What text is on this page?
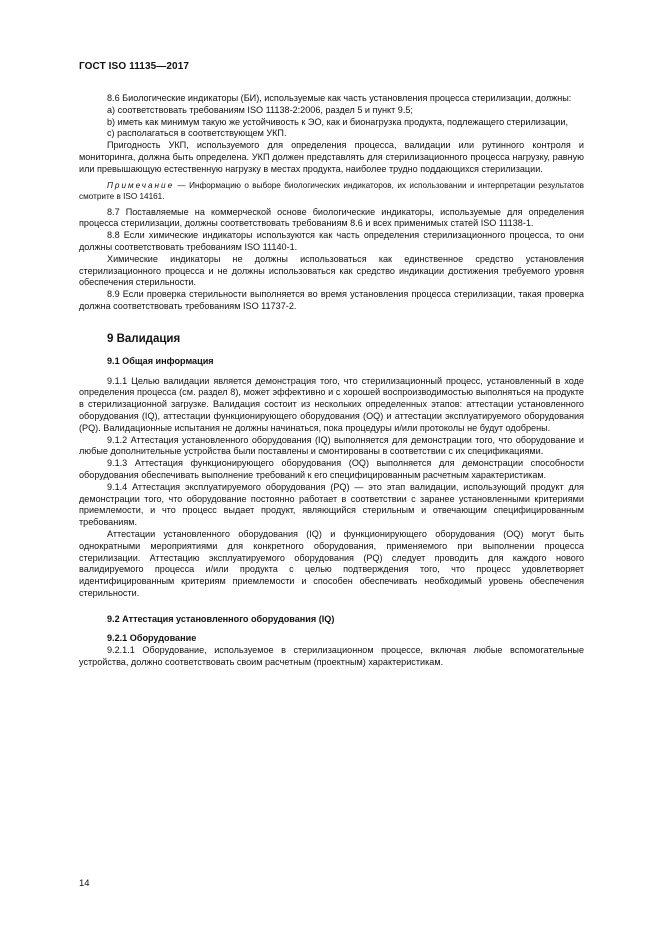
ГОСТ ISO 11135—2017

8.6 Биологические индикаторы (БИ), используемые как часть установления процесса стерилизации, должны:

a) соответствовать требованиям ISO 11138-2:2006, раздел 5 и пункт 9.5;

b) иметь как минимум такую же устойчивость к ЭО, как и бионагрузка продукта, подлежащего стерилизации,

c) располагаться в соответствующем УКП.

Пригодность УКП, используемого для определения процесса, валидации или рутинного контроля и мониторинга, должна быть определена. УКП должен представлять для стерилизационного процесса нагрузку, равную или превышающую естественную нагрузку в местах продукта, наиболее трудно поддающихся стерилизации.

Примечание — Информацию о выборе биологических индикаторов, их использовании и интерпретации результатов смотрите в ISO 14161.

8.7 Поставляемые на коммерческой основе биологические индикаторы, используемые для определения процесса стерилизации, должны соответствовать требованиям 8.6 и всех применимых статей ISO 11138-1.

8.8 Если химические индикаторы используются как часть определения стерилизационного процесса, то они должны соответствовать требованиям ISO 11140-1.

Химические индикаторы не должны использоваться как единственное средство установления стерилизационного процесса и не должны использоваться как средство индикации достижения требуемого уровня обеспечения стерильности.

8.9 Если проверка стерильности выполняется во время установления процесса стерилизации, такая проверка должна соответствовать требованиям ISO 11737-2.

9 Валидация

9.1 Общая информация

9.1.1 Целью валидации является демонстрация того, что стерилизационный процесс, установленный в ходе определения процесса (см. раздел 8), может эффективно и с хорошей воспроизводимостью выполняться на продукте в стерилизационной загрузке. Валидация состоит из нескольких определенных этапов: аттестации установленного оборудования (IQ), аттестации функционирующего оборудования (OQ) и аттестации эксплуатируемого оборудования (PQ). Валидационные испытания не должны начинаться, пока процедуры и/или протоколы не будут одобрены.

9.1.2 Аттестация установленного оборудования (IQ) выполняется для демонстрации того, что оборудование и любые дополнительные устройства были поставлены и смонтированы в соответствии с их спецификациями.

9.1.3 Аттестация функционирующего оборудования (OQ) выполняется для демонстрации способности оборудования обеспечивать выполнение требований к его специфицированным расчетным характеристикам.

9.1.4 Аттестация эксплуатируемого оборудования (PQ) — это этап валидации, использующий продукт для демонстрации того, что оборудование постоянно работает в соответствии с заранее установленными критериями приемлемости, и что процесс выдает продукт, являющийся стерильным и отвечающим специфицированным требованиям.

Аттестации установленного оборудования (IQ) и функционирующего оборудования (OQ) могут быть однократными мероприятиями для конкретного оборудования, применяемого при выполнении процесса стерилизации. Аттестацию эксплуатируемого оборудования (PQ) следует проводить для каждого нового валидируемого процесса и/или продукта с целью подтверждения того, что процесс удовлетворяет идентифицированным критериям приемлемости и способен обеспечивать необходимый уровень обеспечения стерильности.

9.2 Аттестация установленного оборудования (IQ)

9.2.1 Оборудование

9.2.1.1 Оборудование, используемое в стерилизационном процессе, включая любые вспомогательные устройства, должно соответствовать своим расчетным (проектным) характеристикам.

14
